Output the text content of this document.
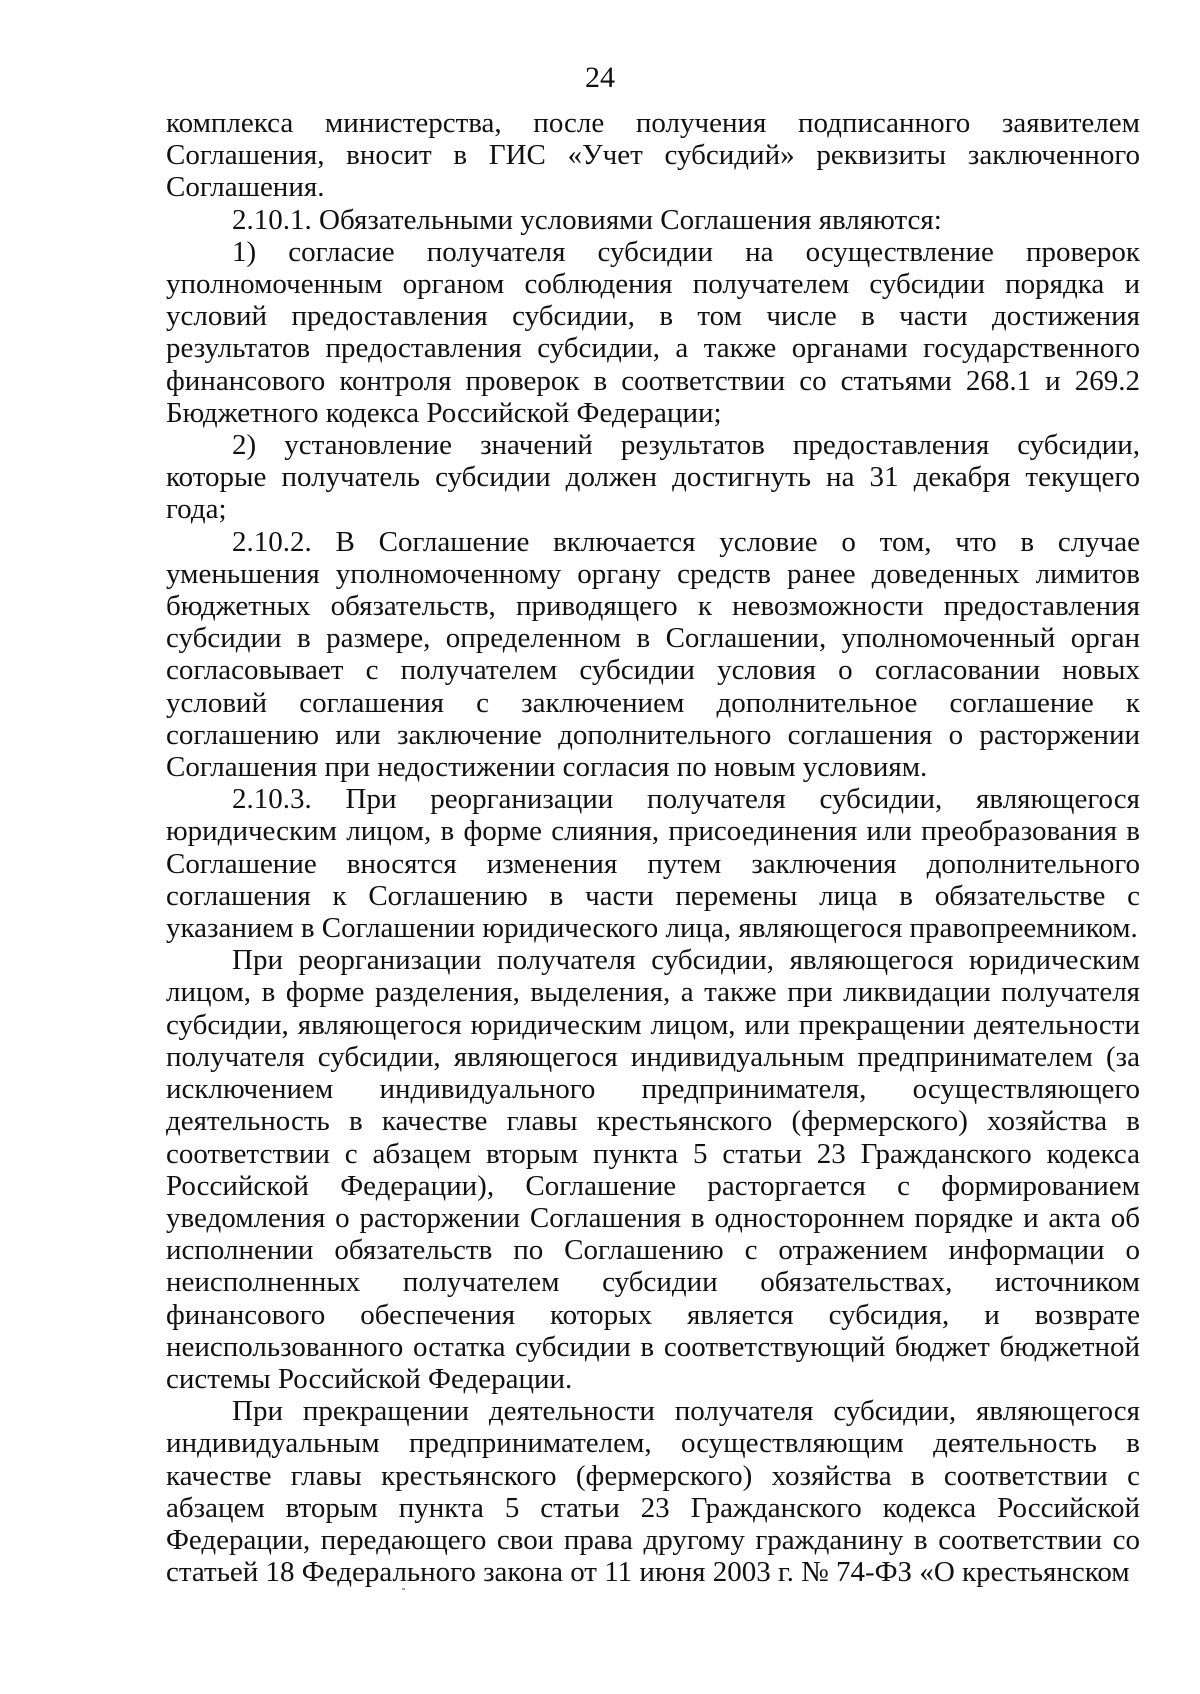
24

комплекса министерства, после получения подписанного заявителем Соглашения, вносит в ГИС «Учет субсидий» реквизиты заключенного Соглашения.

2.10.1. Обязательными условиями Соглашения являются:

1) согласие получателя субсидии на осуществление проверок уполномоченным органом соблюдения получателем субсидии порядка и условий предоставления субсидии, в том числе в части достижения результатов предоставления субсидии, а также органами государственного финансового контроля проверок в соответствии со статьями 268.1 и 269.2 Бюджетного кодекса Российской Федерации;

2) установление значений результатов предоставления субсидии, которые получатель субсидии должен достигнуть на 31 декабря текущего года;

2.10.2. В Соглашение включается условие о том, что в случае уменьшения уполномоченному органу средств ранее доведенных лимитов бюджетных обязательств, приводящего к невозможности предоставления субсидии в размере, определенном в Соглашении, уполномоченный орган согласовывает с получателем субсидии условия о согласовании новых условий соглашения с заключением дополнительное соглашение к соглашению или заключение дополнительного соглашения о расторжении Соглашения при недостижении согласия по новым условиям.

2.10.3. При реорганизации получателя субсидии, являющегося юридическим лицом, в форме слияния, присоединения или преобразования в Соглашение вносятся изменения путем заключения дополнительного соглашения к Соглашению в части перемены лица в обязательстве с указанием в Соглашении юридического лица, являющегося правопреемником.

При реорганизации получателя субсидии, являющегося юридическим лицом, в форме разделения, выделения, а также при ликвидации получателя субсидии, являющегося юридическим лицом, или прекращении деятельности получателя субсидии, являющегося индивидуальным предпринимателем (за исключением индивидуального предпринимателя, осуществляющего деятельность в качестве главы крестьянского (фермерского) хозяйства в соответствии с абзацем вторым пункта 5 статьи 23 Гражданского кодекса Российской Федерации), Соглашение расторгается с формированием уведомления о расторжении Соглашения в одностороннем порядке и акта об исполнении обязательств по Соглашению с отражением информации о неисполненных получателем субсидии обязательствах, источником финансового обеспечения которых является субсидия, и возврате неиспользованного остатка субсидии в соответствующий бюджет бюджетной системы Российской Федерации.

При прекращении деятельности получателя субсидии, являющегося индивидуальным предпринимателем, осуществляющим деятельность в качестве главы крестьянского (фермерского) хозяйства в соответствии с абзацем вторым пункта 5 статьи 23 Гражданского кодекса Российской Федерации, передающего свои права другому гражданину в соответствии со статьей 18 Федерального закона от 11 июня 2003 г. № 74-ФЗ «О крестьянском
